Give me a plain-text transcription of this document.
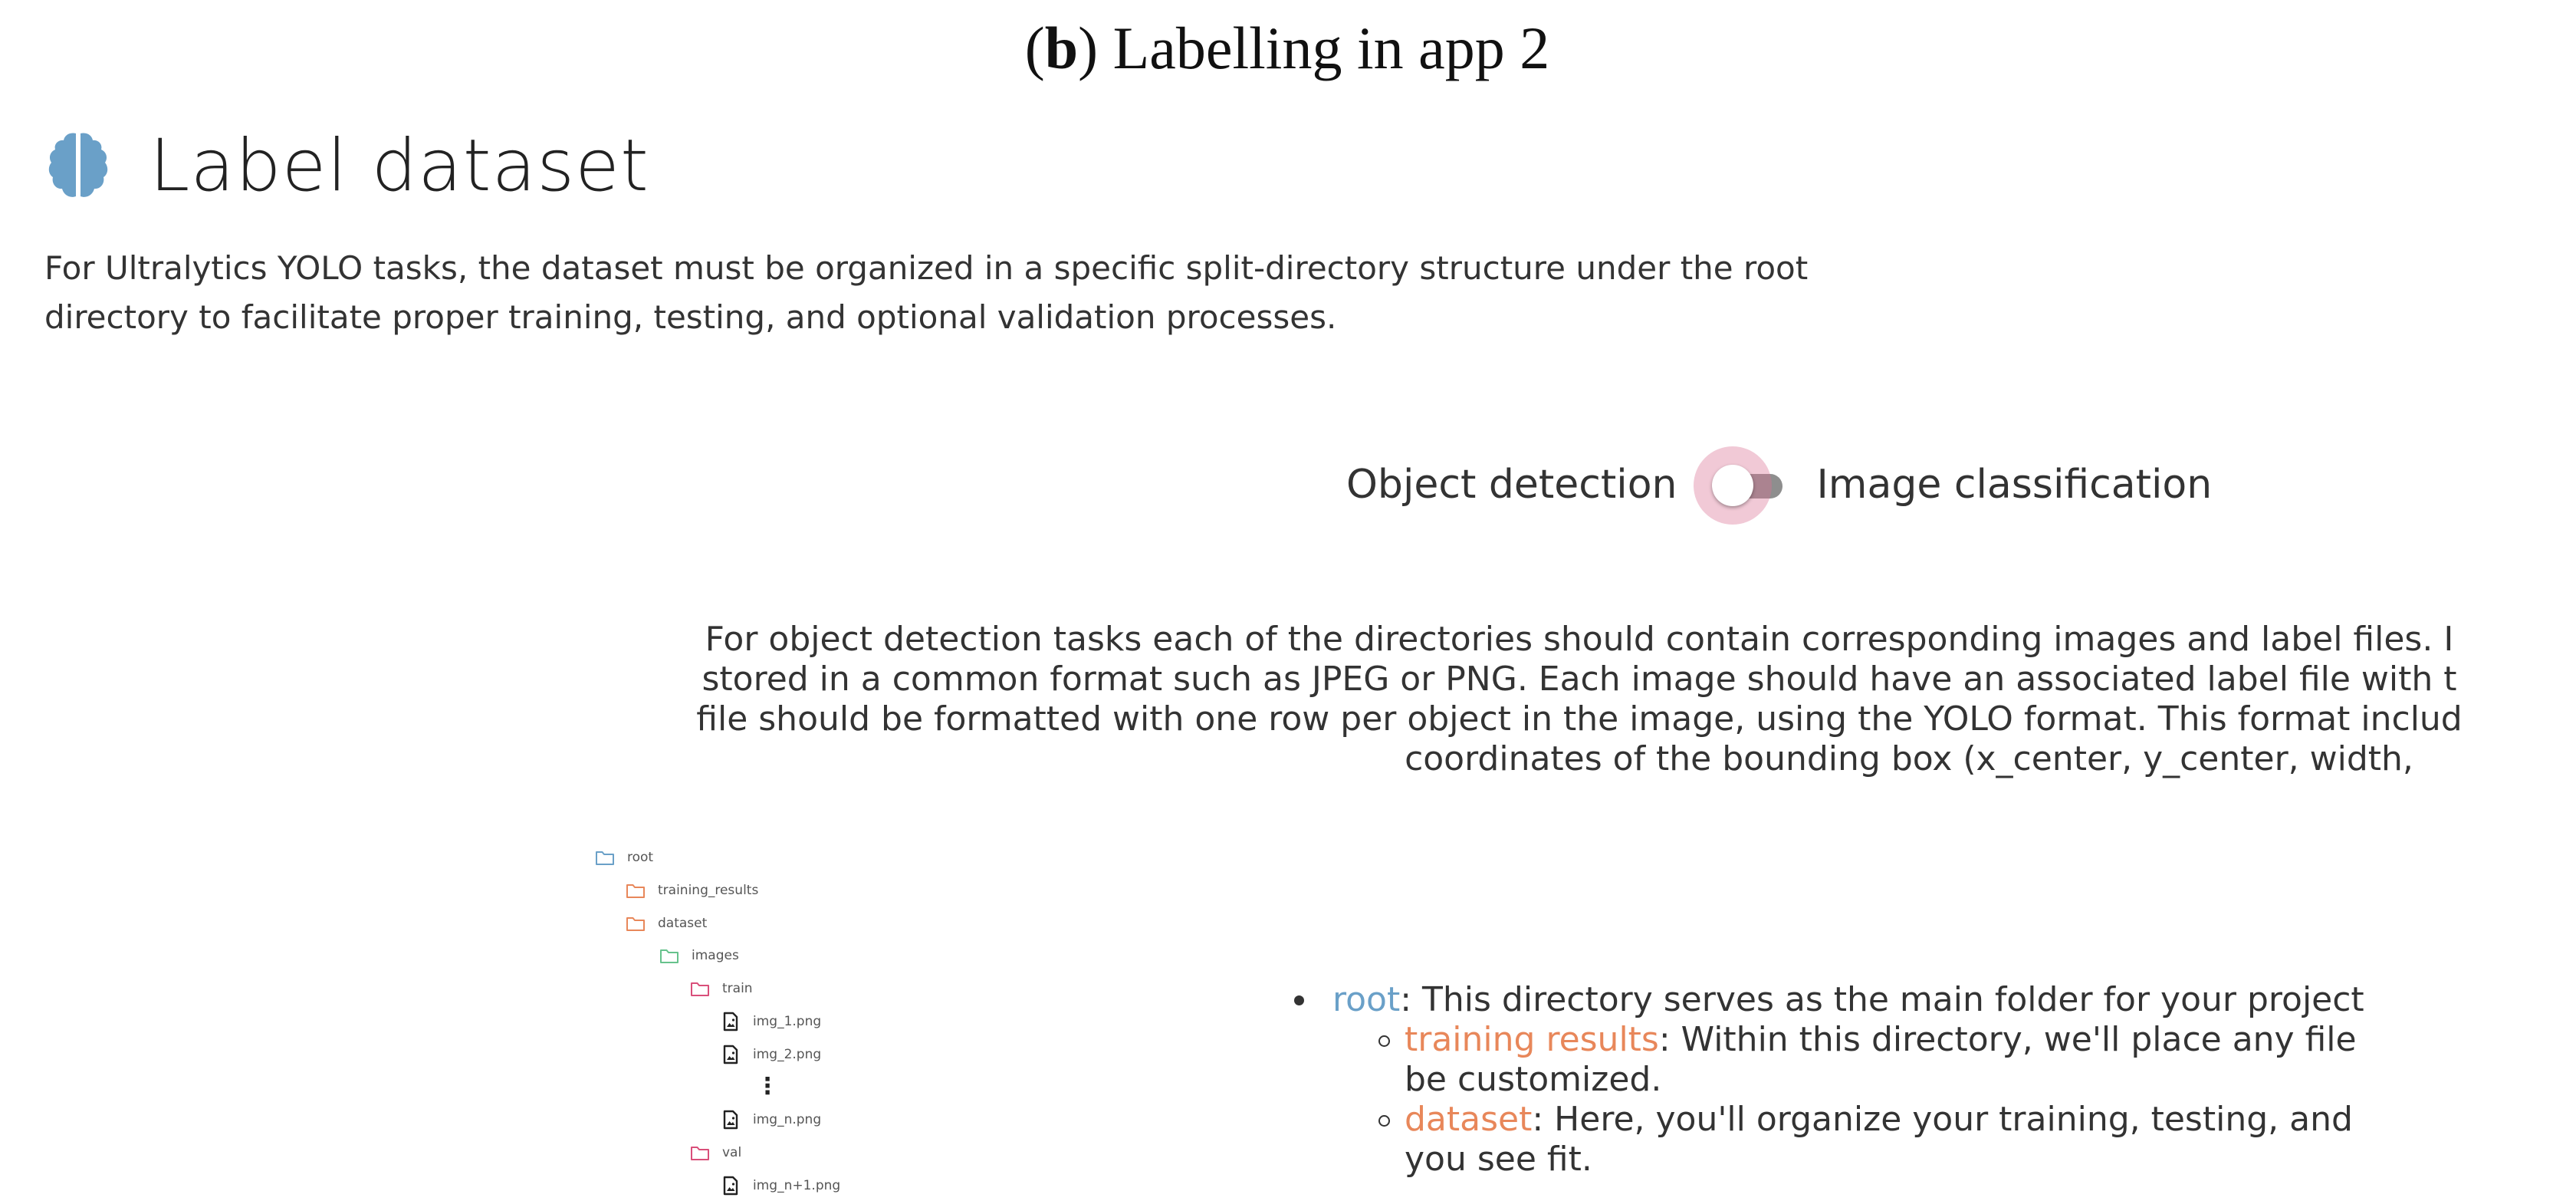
(b) Labelling in app 2
Label dataset

For Ultralytics YOLO tasks, the dataset must be organized in a specific split-directory structure under the root directory to facilitate proper training, testing, and optional validation processes.

Object detection	Image classification
For object detection tasks each of the directories should contain corresponding images and label files. I
stored in a common format such as JPEG or PNG. Each image should have an associated label file with t
file should be formatted with one row per object in the image, using the YOLO format. This format includ
coordinates of the bounding box (x_center, y_center, width,
root
training_results
dataset
images
train
img_1.png
img_2.png
⋮
img_n.png
val
img_n+1.png
root: This directory serves as the main folder for your project
training results: Within this directory, we'll place any file be customized.
dataset: Here, you'll organize your training, testing, and you see fit.
